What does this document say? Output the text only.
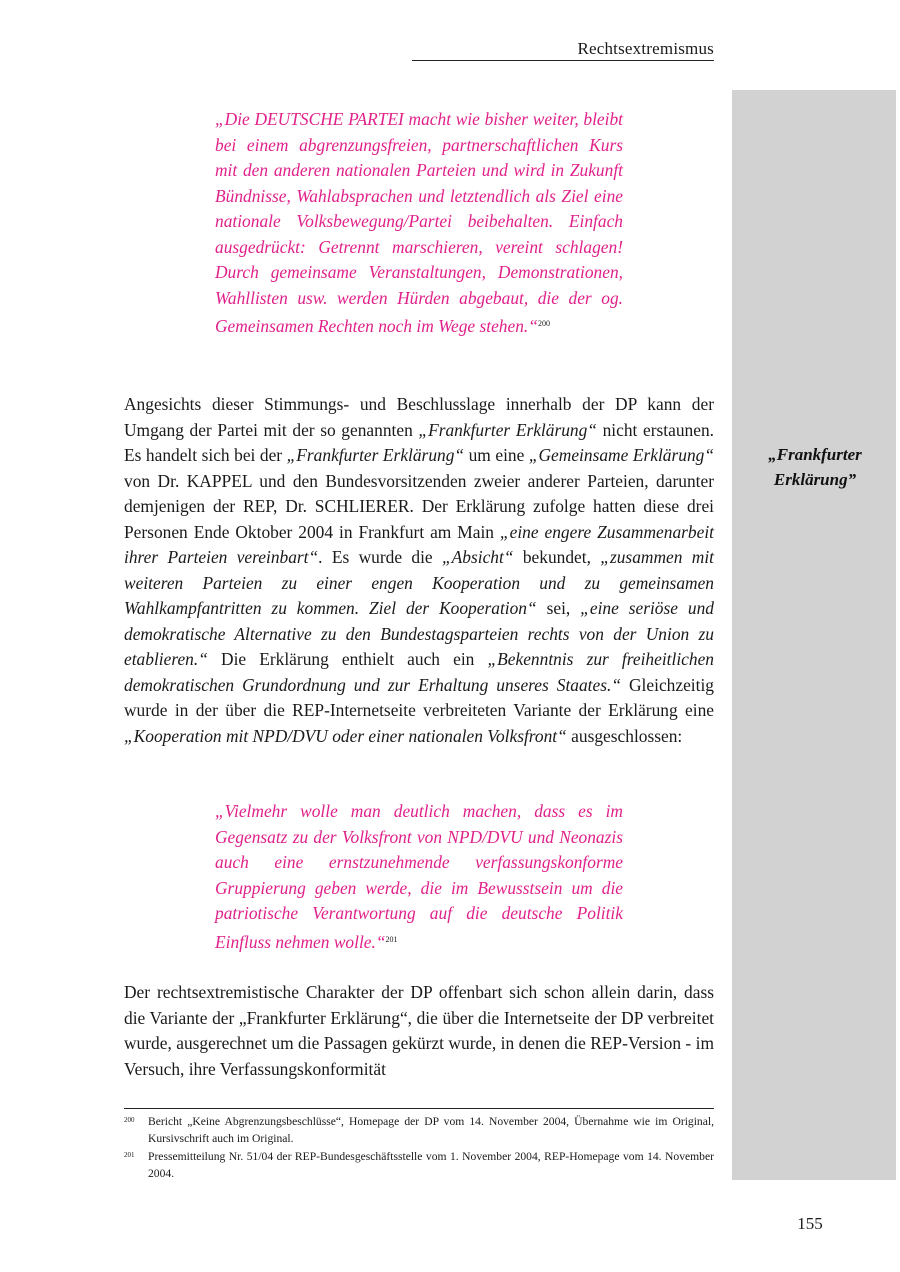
Rechtsextremismus
„Frankfurter Erklärung”

„Die DEUTSCHE PARTEI macht wie bisher weiter, bleibt bei einem abgrenzungsfreien, partnerschaftlichen Kurs mit den anderen nationalen Parteien und wird in Zukunft Bündnisse, Wahlabsprachen und letztendlich als Ziel eine nationale Volksbewegung/Partei beibehalten. Einfach ausgedrückt: Getrennt marschieren, vereint schlagen! Durch gemeinsame Veranstaltungen, Demonstrationen, Wahllisten usw. werden Hürden abgebaut, die der og. Gemeinsamen Rechten noch im Wege stehen.“$^{200}$

Angesichts dieser Stimmungs- und Beschlusslage innerhalb der DP kann der Umgang der Partei mit der so genannten „Frankfurter Erklärung“ nicht erstaunen. Es handelt sich bei der „Frankfurter Erklärung“ um eine „Gemeinsame Erklärung“ von Dr. KAPPEL und den Bundesvorsitzenden zweier anderer Parteien, darunter demjenigen der REP, Dr. SCHLIERER. Der Erklärung zufolge hatten diese drei Personen Ende Oktober 2004 in Frankfurt am Main „eine engere Zusammenarbeit ihrer Parteien vereinbart“. Es wurde die „Absicht“ bekundet, „zusammen mit weiteren Parteien zu einer engen Kooperation und zu gemeinsamen Wahlkampfantritten zu kommen. Ziel der Kooperation“ sei, „eine seriöse und demokratische Alternative zu den Bundestagsparteien rechts von der Union zu etablieren.“ Die Erklärung enthielt auch ein „Bekenntnis zur freiheitlichen demokratischen Grundordnung und zur Erhaltung unseres Staates.“ Gleichzeitig wurde in der über die REP-Internetseite verbreiteten Variante der Erklärung eine „Kooperation mit NPD/DVU oder einer nationalen Volksfront“ ausgeschlossen:

„Vielmehr wolle man deutlich machen, dass es im Gegensatz zu der Volksfront von NPD/DVU und Neonazis auch eine ernstzunehmende verfassungskonforme Gruppierung geben werde, die im Bewusstsein um die patriotische Verantwortung auf die deutsche Politik Einfluss nehmen wolle.“$^{201}$

Der rechtsextremistische Charakter der DP offenbart sich schon allein darin, dass die Variante der „Frankfurter Erklärung“, die über die Internetseite der DP verbreitet wurde, ausgerechnet um die Passagen gekürzt wurde, in denen die REP-Version - im Versuch, ihre Verfassungskonformität

200 Bericht „Keine Abgrenzungsbeschlüsse“, Homepage der DP vom 14. November 2004, Übernahme wie im Original, Kursivschrift auch im Original.

201 Pressemitteilung Nr. 51/04 der REP-Bundesgeschäftsstelle vom 1. November 2004, REP-Homepage vom 14. November 2004.

155
